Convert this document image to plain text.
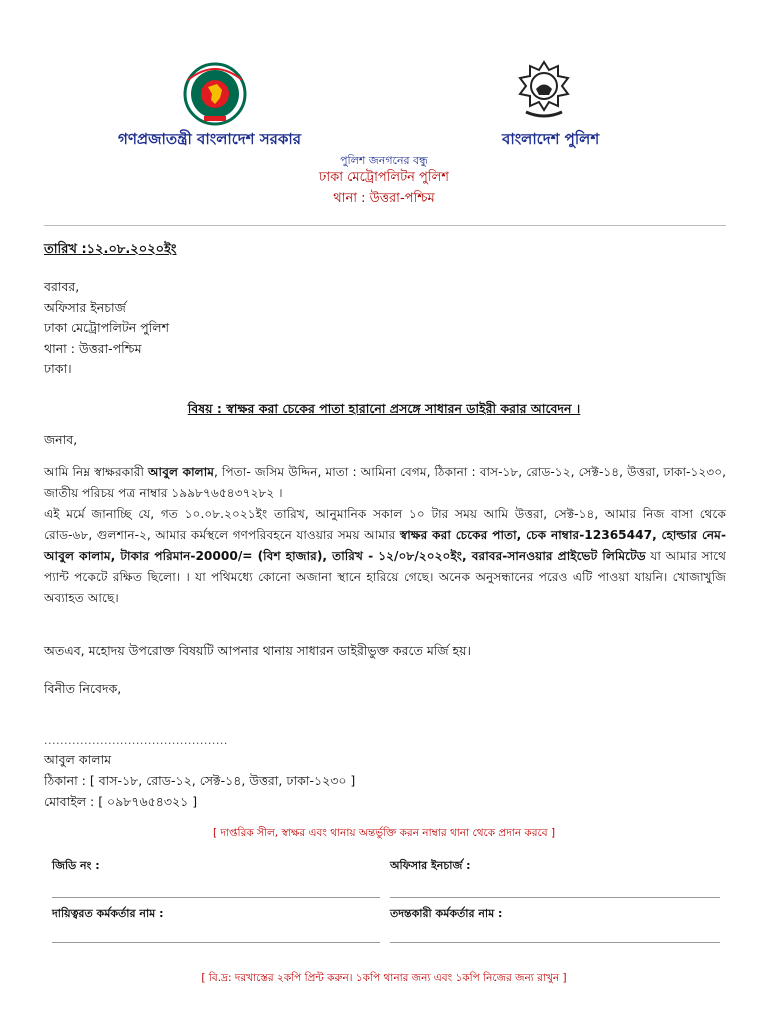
গণপ্রজাতন্ত্রী বাংলাদেশ সরকার	বাংলাদেশ পুলিশ
পুলিশ জনগনের বন্ধু
ঢাকা মেট্রোপলিটন পুলিশ
থানা : উত্তরা-পশ্চিম
তারিখ :১২.০৮.২০২০ইং
বরাবর,
অফিসার ইনচার্জ
ঢাকা মেট্রোপলিটন পুলিশ
থানা : উত্তরা-পশ্চিম
ঢাকা।
বিষয় : স্বাক্ষর করা চেকের পাতা হারানো প্রসঙ্গে সাধারন ডাইরী করার আবেদন ।
জনাব,

আমি নিম্ন স্বাক্ষরকারী আবুল কালাম, পিতা- জসিম উদ্দিন, মাতা : আমিনা বেগম, ঠিকানা : বাস-১৮, রোড-১২, সেক্ট-১৪, উত্তরা, ঢাকা-১২৩০, জাতীয় পরিচয় পত্র নাম্বার ১৯৯৮৭৬৫৪৩৭২৮২ ।

এই মর্মে জানাচ্ছি যে, গত ১০.০৮.২০২১ইং তারিখ, আনুমানিক সকাল ১০ টার সময় আমি উত্তরা, সেক্ট-১৪, আমার নিজ বাসা থেকে রোড-৬৮, গুলশান-২, আমার কর্মস্থলে গণপরিবহনে যাওয়ার সময় আমার স্বাক্ষর করা চেকের পাতা, চেক নাম্বার-12365447, হোল্ডার নেম- আবুল কালাম, টাকার পরিমান-20000/= (বিশ হাজার), তারিখ - ১২/০৮/২০২০ইং, বরাবর-সানওয়ার প্রাইভেট লিমিটেড যা আমার সাথে প্যান্ট পকেটে রক্ষিত ছিলো। । যা পথিমধ্যে কোনো অজানা স্থানে হারিয়ে গেছে। অনেক অনুসন্ধানের পরেও এটি পাওয়া যায়নি। খোজাখুজি অব্যাহত আছে।

অতএব, মহোদয় উপরোক্ত বিষয়টি আপনার থানায় সাধারন ডাইরীভুক্ত করতে মর্জি হয়।
বিনীত নিবেদক,
..............................................
আবুল কালাম
ঠিকানা : [ বাস-১৮, রোড-১২, সেক্ট-১৪, উত্তরা, ঢাকা-১২৩০ ]
মোবাইল : [ ০৯৮৭৬৫৪৩২১ ]
[ দাপ্তরিক সীল, স্বাক্ষর এবং থানায় অন্তর্ভুক্তি করন নাম্বার থানা থেকে প্রদান করবে ]
জিডি নং :	অফিসার ইনচার্জ :
দায়িত্বরত কর্মকর্তার নাম :	তদন্তকারী কর্মকর্তার নাম :
[ বি.দ্র: দরখাস্তের ২কপি প্রিন্ট করুন। ১কপি থানার জন্য এবং ১কপি নিজের জন্য রাখুন ]
